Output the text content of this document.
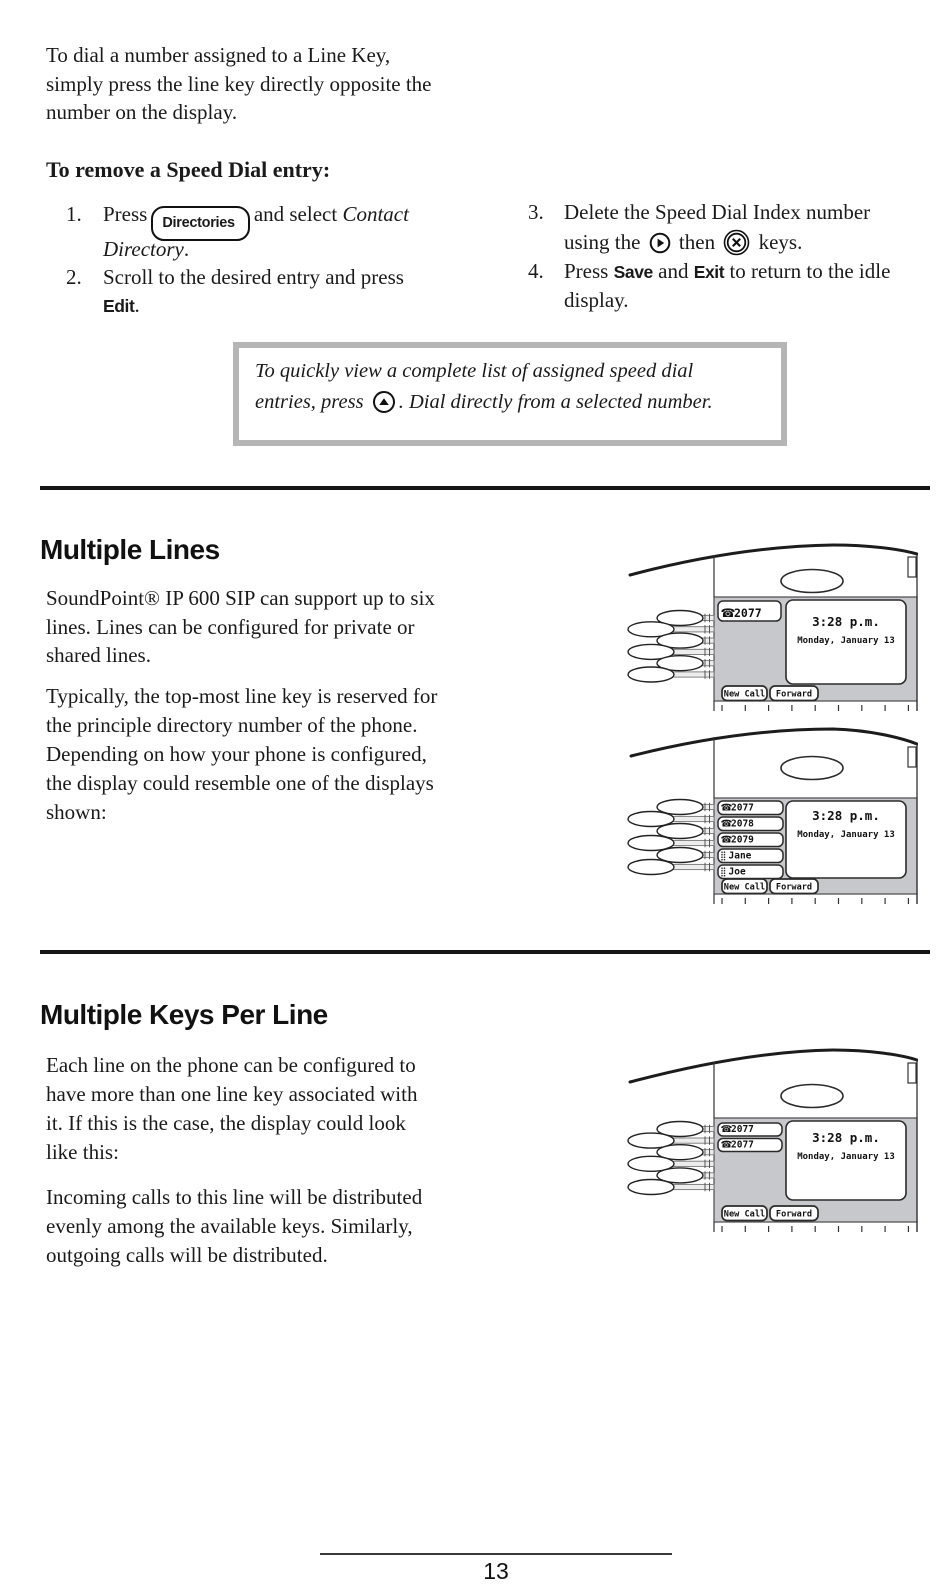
To dial a number assigned to a Line Key,
simply press the line key directly opposite the
number on the display.
To remove a Speed Dial entry:
1. Press Directories and select Contact
Directory.
2. Scroll to the desired entry and press
Edit.
3. Delete the Speed Dial Index number
using the then keys.
4. Press Save and Exit to return to the idle
display.
To quickly view a complete list of assigned speed dial
entries, press . Dial directly from a selected number.
Multiple Lines
SoundPoint® IP 600 SIP can support up to six
lines. Lines can be configured for private or
shared lines.
Typically, the top-most line key is reserved for
the principle directory number of the phone.
Depending on how your phone is configured,
the display could resemble one of the displays
shown:
3:28 p.m.
Monday, January 13
☎
2077
New Call Forward
3:28 p.m.
Monday, January 13
☎
2077
☎
2078
☎
2079
Jane
Joe
New Call Forward
Multiple Keys Per Line
Each line on the phone can be configured to
have more than one line key associated with
it. If this is the case, the display could look
like this:
Incoming calls to this line will be distributed
evenly among the available keys. Similarly,
outgoing calls will be distributed.
3:28 p.m.
Monday, January 13
☎
2077
☎
2077
New Call Forward
13
